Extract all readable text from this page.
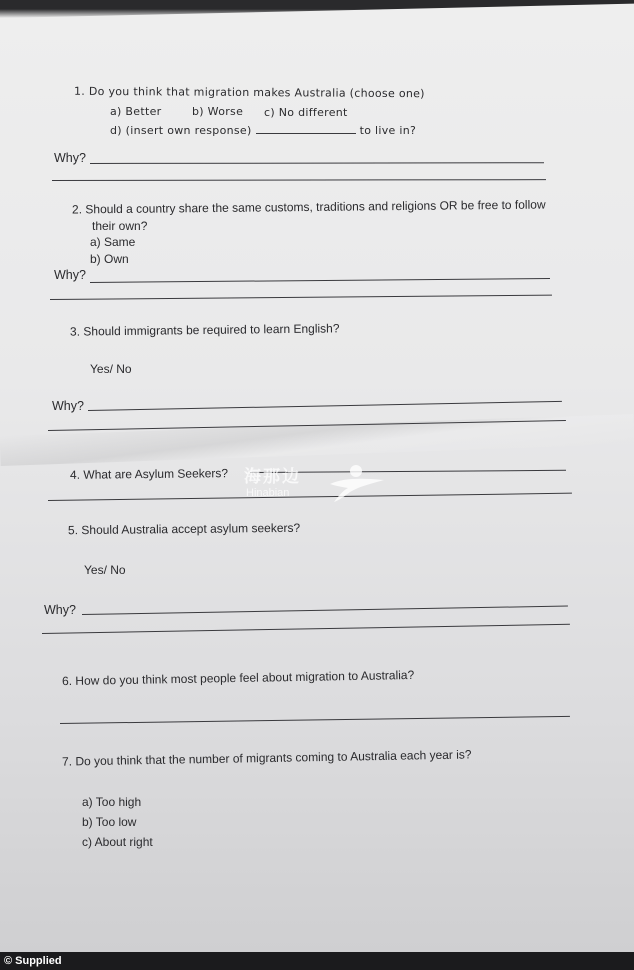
1. Do you think that migration makes Australia (choose one)
a) Better	b) Worse c) No different
d) (insert own response)	to live in?
Why?
2. Should a country share the same customs, traditions and religions OR be free to follow
their own?
a) Same
b) Own
Why?
3. Should immigrants be required to learn English?
Yes/ No
Why?
4. What are Asylum Seekers? 海那边
Hinabian
5. Should Australia accept asylum seekers?
Yes/ No
Why?
6. How do you think most people feel about migration to Australia?
7. Do you think that the number of migrants coming to Australia each year is?
a) Too high
b) Too low
c) About right
© Supplied
